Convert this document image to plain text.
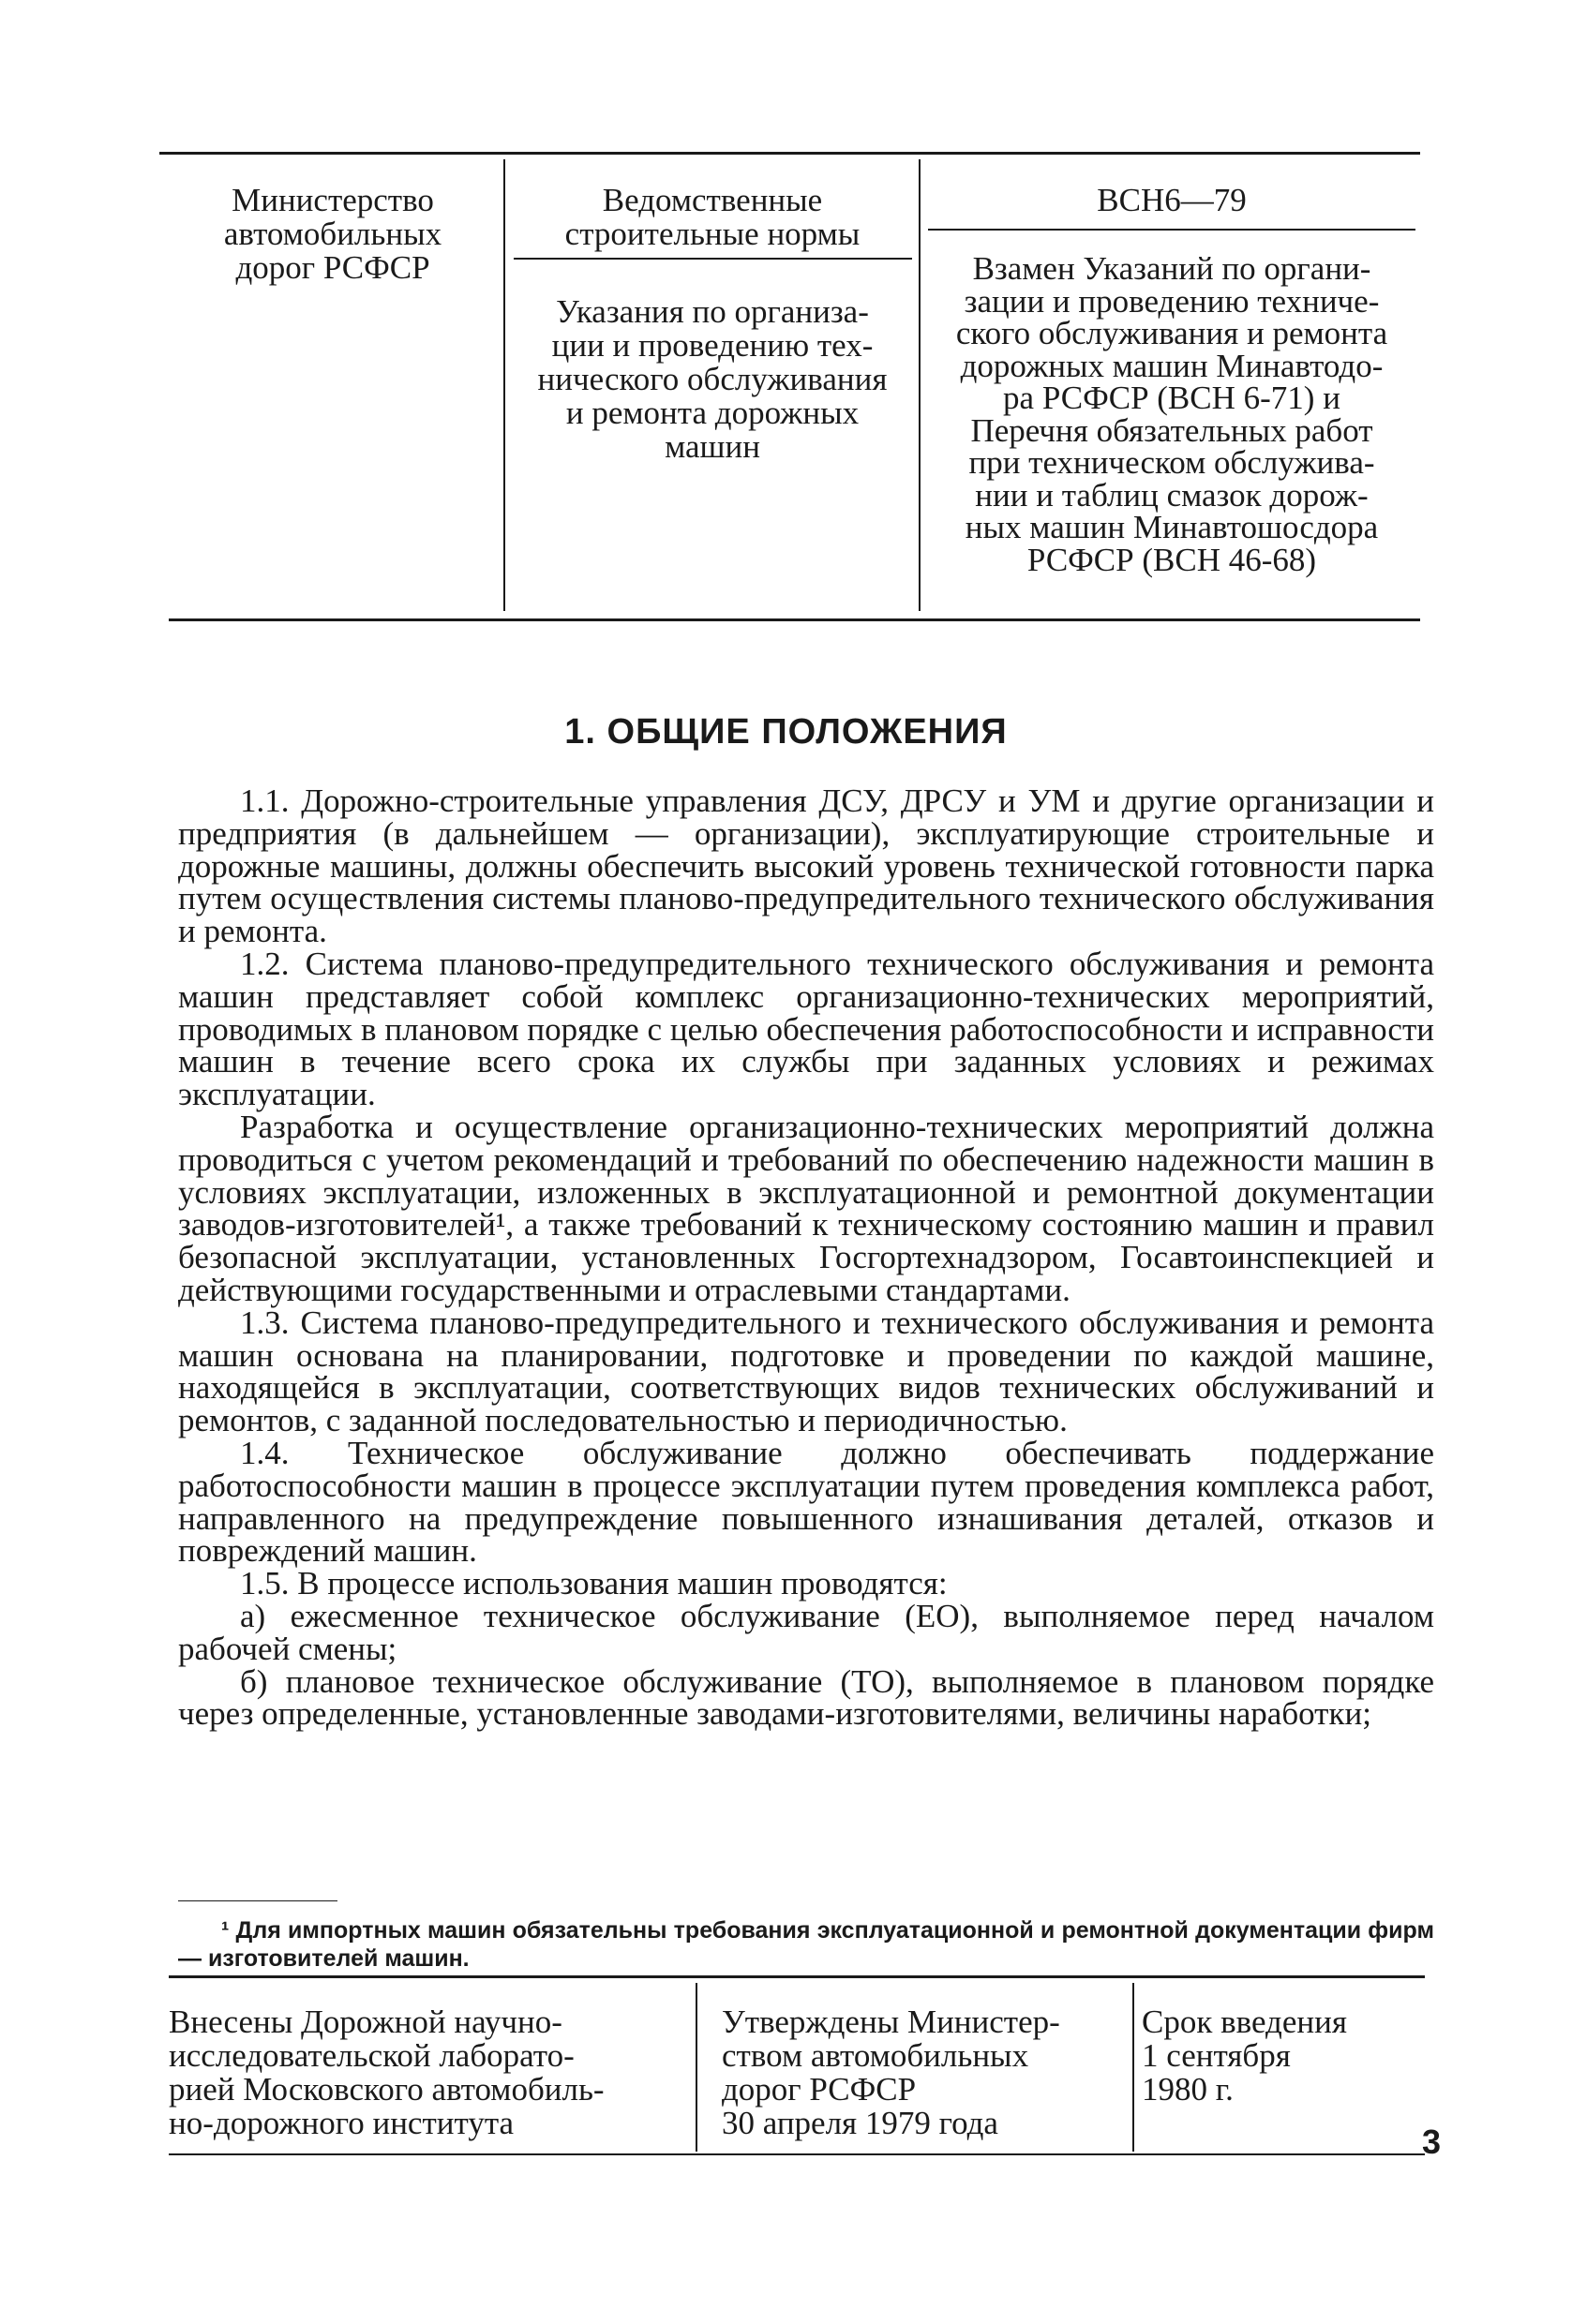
Министерство
автомобильных
дорог РСФСР
Ведомственные
строительные нормы
Указания по организа-
ции и проведению тех-
нического обслуживания
и ремонта дорожных
машин
ВСН6—79
Взамен Указаний по органи-
зации и проведению техниче-
ского обслуживания и ремонта
дорожных машин Минавтодо-
ра РСФСР (ВСН 6-71) и
Перечня обязательных работ
при техническом обслужива-
нии и таблиц смазок дорож-
ных машин Минавтошосдора
РСФСР (ВСН 46-68)
1. ОБЩИЕ ПОЛОЖЕНИЯ

1.1. Дорожно-строительные управления ДСУ, ДРСУ и УМ и другие организации и предприятия (в дальнейшем — организации), эксплуатирующие строительные и дорожные машины, должны обеспечить высокий уровень технической готовности парка путем осуществления системы планово-предупредительного технического обслуживания и ремонта.

1.2. Система планово-предупредительного технического обслуживания и ремонта машин представляет собой комплекс организационно-технических мероприятий, проводимых в плановом порядке с целью обеспечения работоспособности и исправности машин в течение всего срока их службы при заданных условиях и режимах эксплуатации.

Разработка и осуществление организационно-технических мероприятий должна проводиться с учетом рекомендаций и требований по обеспечению надежности машин в условиях эксплуатации, изложенных в эксплуатационной и ремонтной документации заводов-изготовителей¹, а также требований к техническому состоянию машин и правил безопасной эксплуатации, установленных Госгортехнадзором, Госавтоинспекцией и действующими государственными и отраслевыми стандартами.

1.3. Система планово-предупредительного и технического обслуживания и ремонта машин основана на планировании, подготовке и проведении по каждой машине, находящейся в эксплуатации, соответствующих видов технических обслуживаний и ремонтов, с заданной последовательностью и периодичностью.

1.4. Техническое обслуживание должно обеспечивать поддержание работоспособности машин в процессе эксплуатации путем проведения комплекса работ, направленного на предупреждение повышенного изнашивания деталей, отказов и повреждений машин.

1.5. В процессе использования машин проводятся:

а) ежесменное техническое обслуживание (ЕО), выполняемое перед началом рабочей смены;

б) плановое техническое обслуживание (ТО), выполняемое в плановом порядке через определенные, установленные заводами-изготовителями, величины наработки;

¹ Для импортных машин обязательны требования эксплуатационной и ремонтной документации фирм — изготовителей машин.

Внесены Дорожной научно-
исследовательской лаборато-
рией Московского автомобиль-
но-дорожного института
Утверждены Министер-
ством автомобильных
дорог РСФСР
30 апреля 1979 года
Срок введения
1 сентября
1980 г.
3
